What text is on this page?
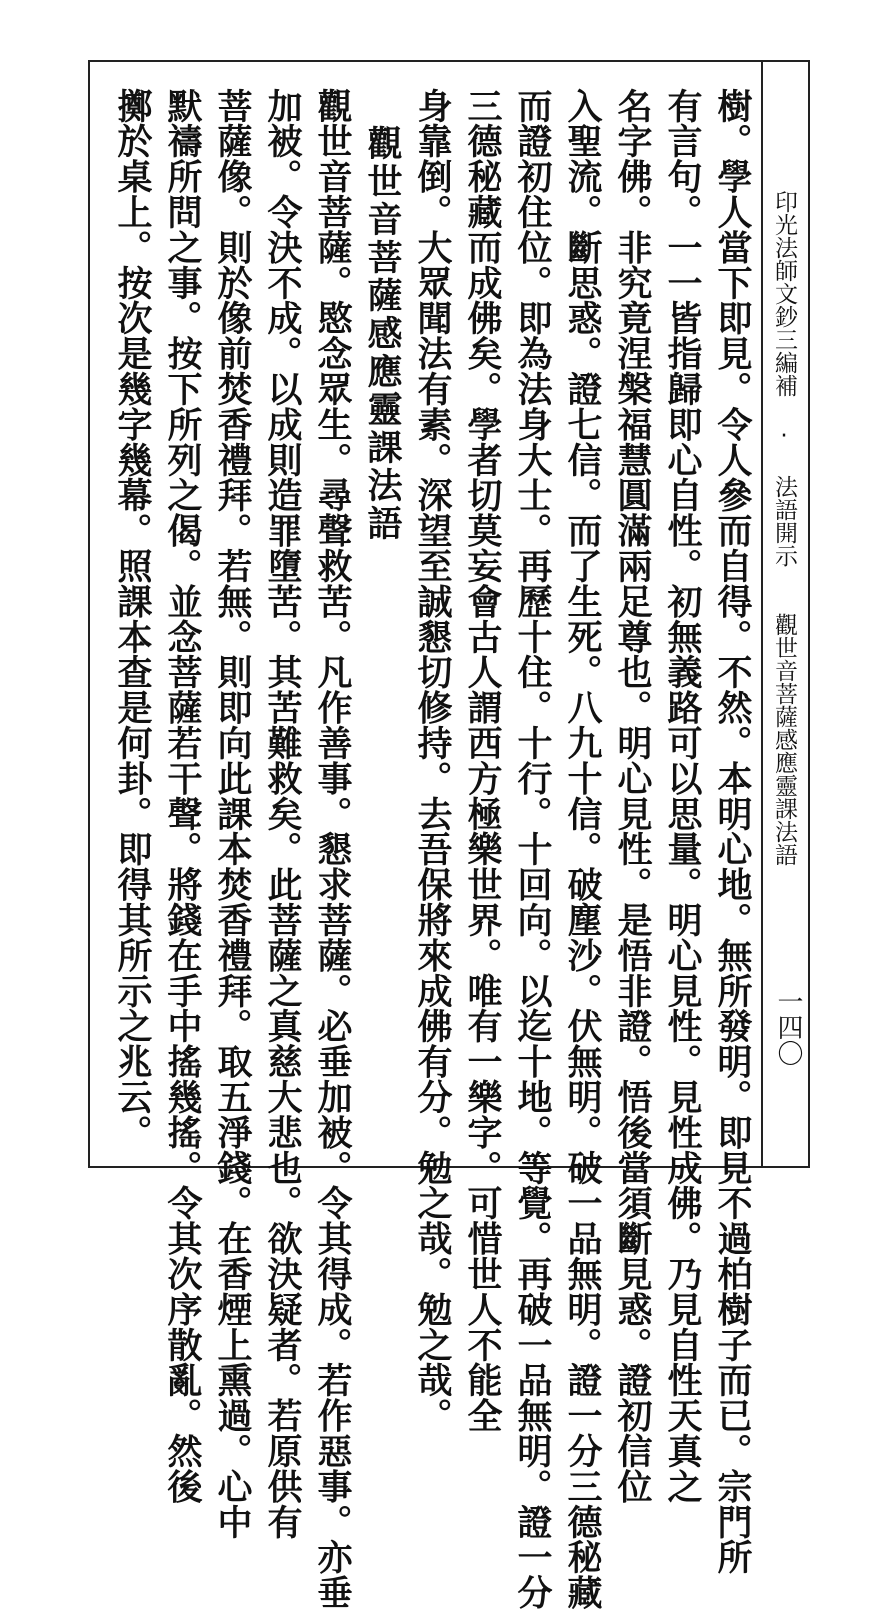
印光法師文鈔三編補 · 法語開示　　觀世音菩薩感應靈課法語
一四〇
樹。學人當下即見。令人參而自得。不然。本明心地。無所發明。即見不過柏樹子而已。宗門所
有言句。一一皆指歸即心自性。初無義路可以思量。明心見性。見性成佛。乃見自性天真之
名字佛。非究竟涅槃福慧圓滿兩足尊也。明心見性。是悟非證。悟後當須斷見惑。證初信位
入聖流。斷思惑。證七信。而了生死。八九十信。破塵沙。伏無明。破一品無明。證一分三德秘藏
而證初住位。即為法身大士。再歷十住。十行。十回向。以迄十地。等覺。再破一品無明。證一分
三德秘藏而成佛矣。學者切莫妄會古人謂西方極樂世界。唯有一樂字。可惜世人不能全
身靠倒。大眾聞法有素。深望至誠懇切修持。去吾保將來成佛有分。勉之哉。勉之哉。
觀世音菩薩感應靈課法語
觀世音菩薩。愍念眾生。尋聲救苦。凡作善事。懇求菩薩。必垂加被。令其得成。若作惡事。亦垂
加被。令決不成。以成則造罪墮苦。其苦難救矣。此菩薩之真慈大悲也。欲決疑者。若原供有
菩薩像。則於像前焚香禮拜。若無。則即向此課本焚香禮拜。取五淨錢。在香煙上熏過。心中
默禱所問之事。按下所列之偈。並念菩薩若干聲。將錢在手中搖幾搖。令其次序散亂。然後
擲於桌上。按次是幾字幾幕。照課本查是何卦。即得其所示之兆云。
